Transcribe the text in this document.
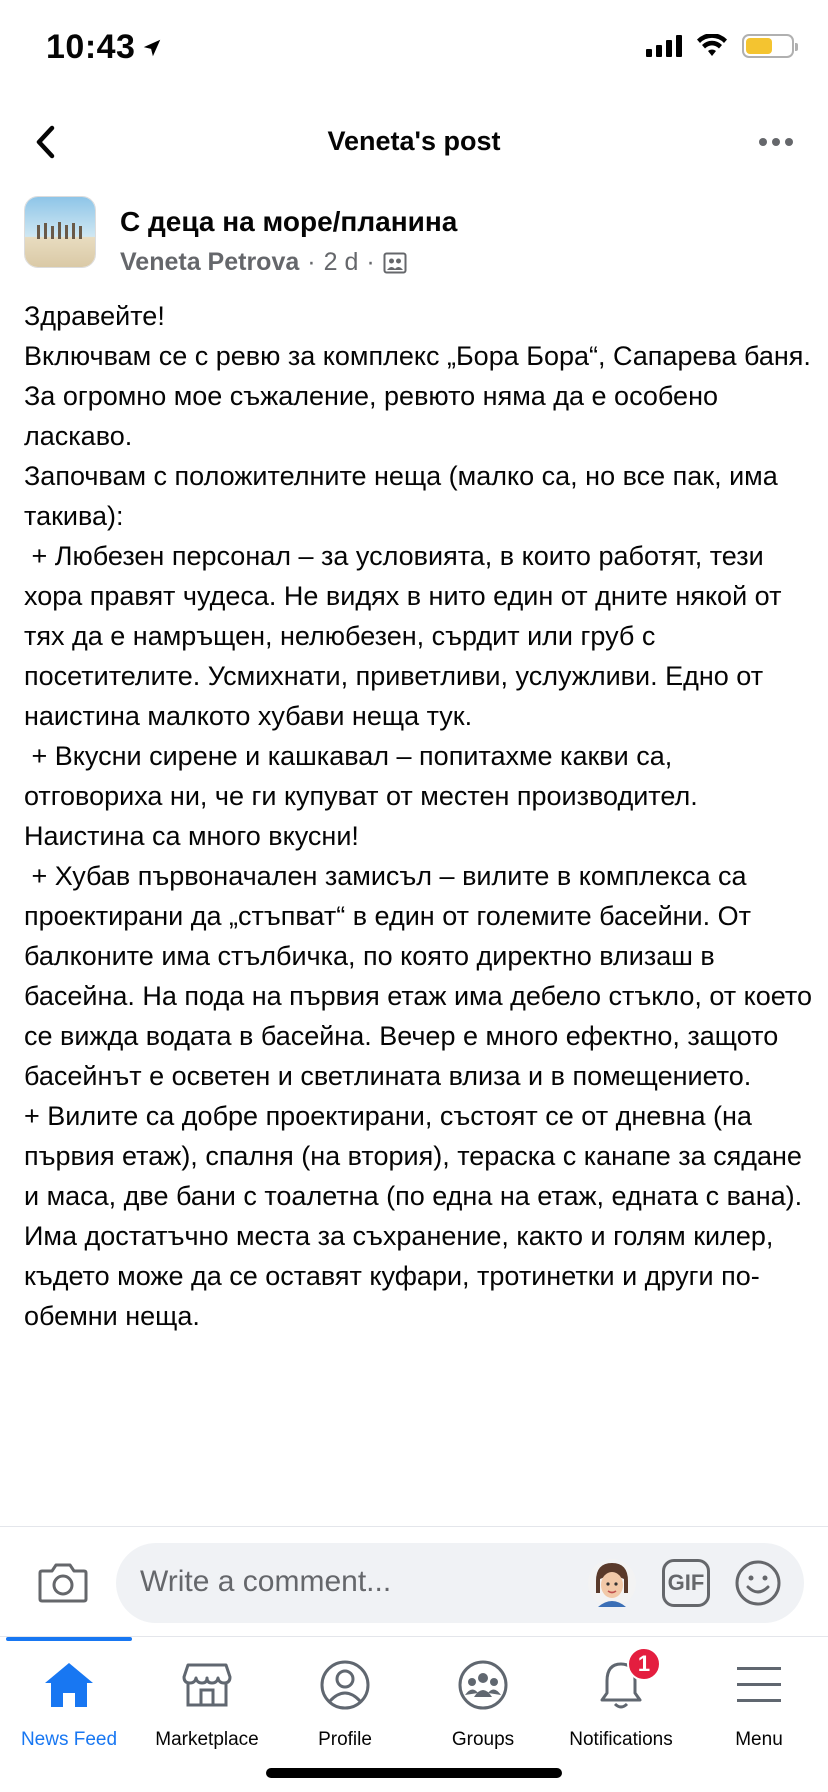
10:43
Veneta's post
С деца на море/планина
Veneta Petrova · 2 d ·

Здравейте!

Включвам се с ревю за комплекс „Бора Бора“, Сапарева баня.

За огромно мое съжаление, ревюто няма да е особено ласкаво.

Започвам с положителните неща (малко са, но все пак, има такива):

+ Любезен персонал – за условията, в които работят, тези хора правят чудеса. Не видях в нито един от дните някой от тях да е намръщен, нелюбезен, сърдит или груб с посетителите. Усмихнати, приветливи, услужливи. Едно от наистина малкото хубави неща тук.

+ Вкусни сирене и кашкавал – попитахме какви са, отговориха ни, че ги купуват от местен производител. Наистина са много вкусни!

+ Хубав първоначален замисъл – вилите в комплекса са проектирани да „стъпват“ в един от големите басейни. От балконите има стълбичка, по която директно влизаш в басейна. На пода на първия етаж има дебело стъкло, от което се вижда водата в басейна. Вечер е много ефектно, защото басейнът е осветен и светлината влиза и в помещението.

+ Вилите са добре проектирани, състоят се от дневна (на първия етаж), спалня (на втория), тераска с канапе за сядане и маса, две бани с тоалетна (по една на етаж, едната с вана). Има достатъчно места за съхранение, както и голям килер, където може да се оставят куфари, тротинетки и други по-обемни неща.

Write a comment...	GIF
News Feed Marketplace	Profile	Groups
1
Notifications	Menu
